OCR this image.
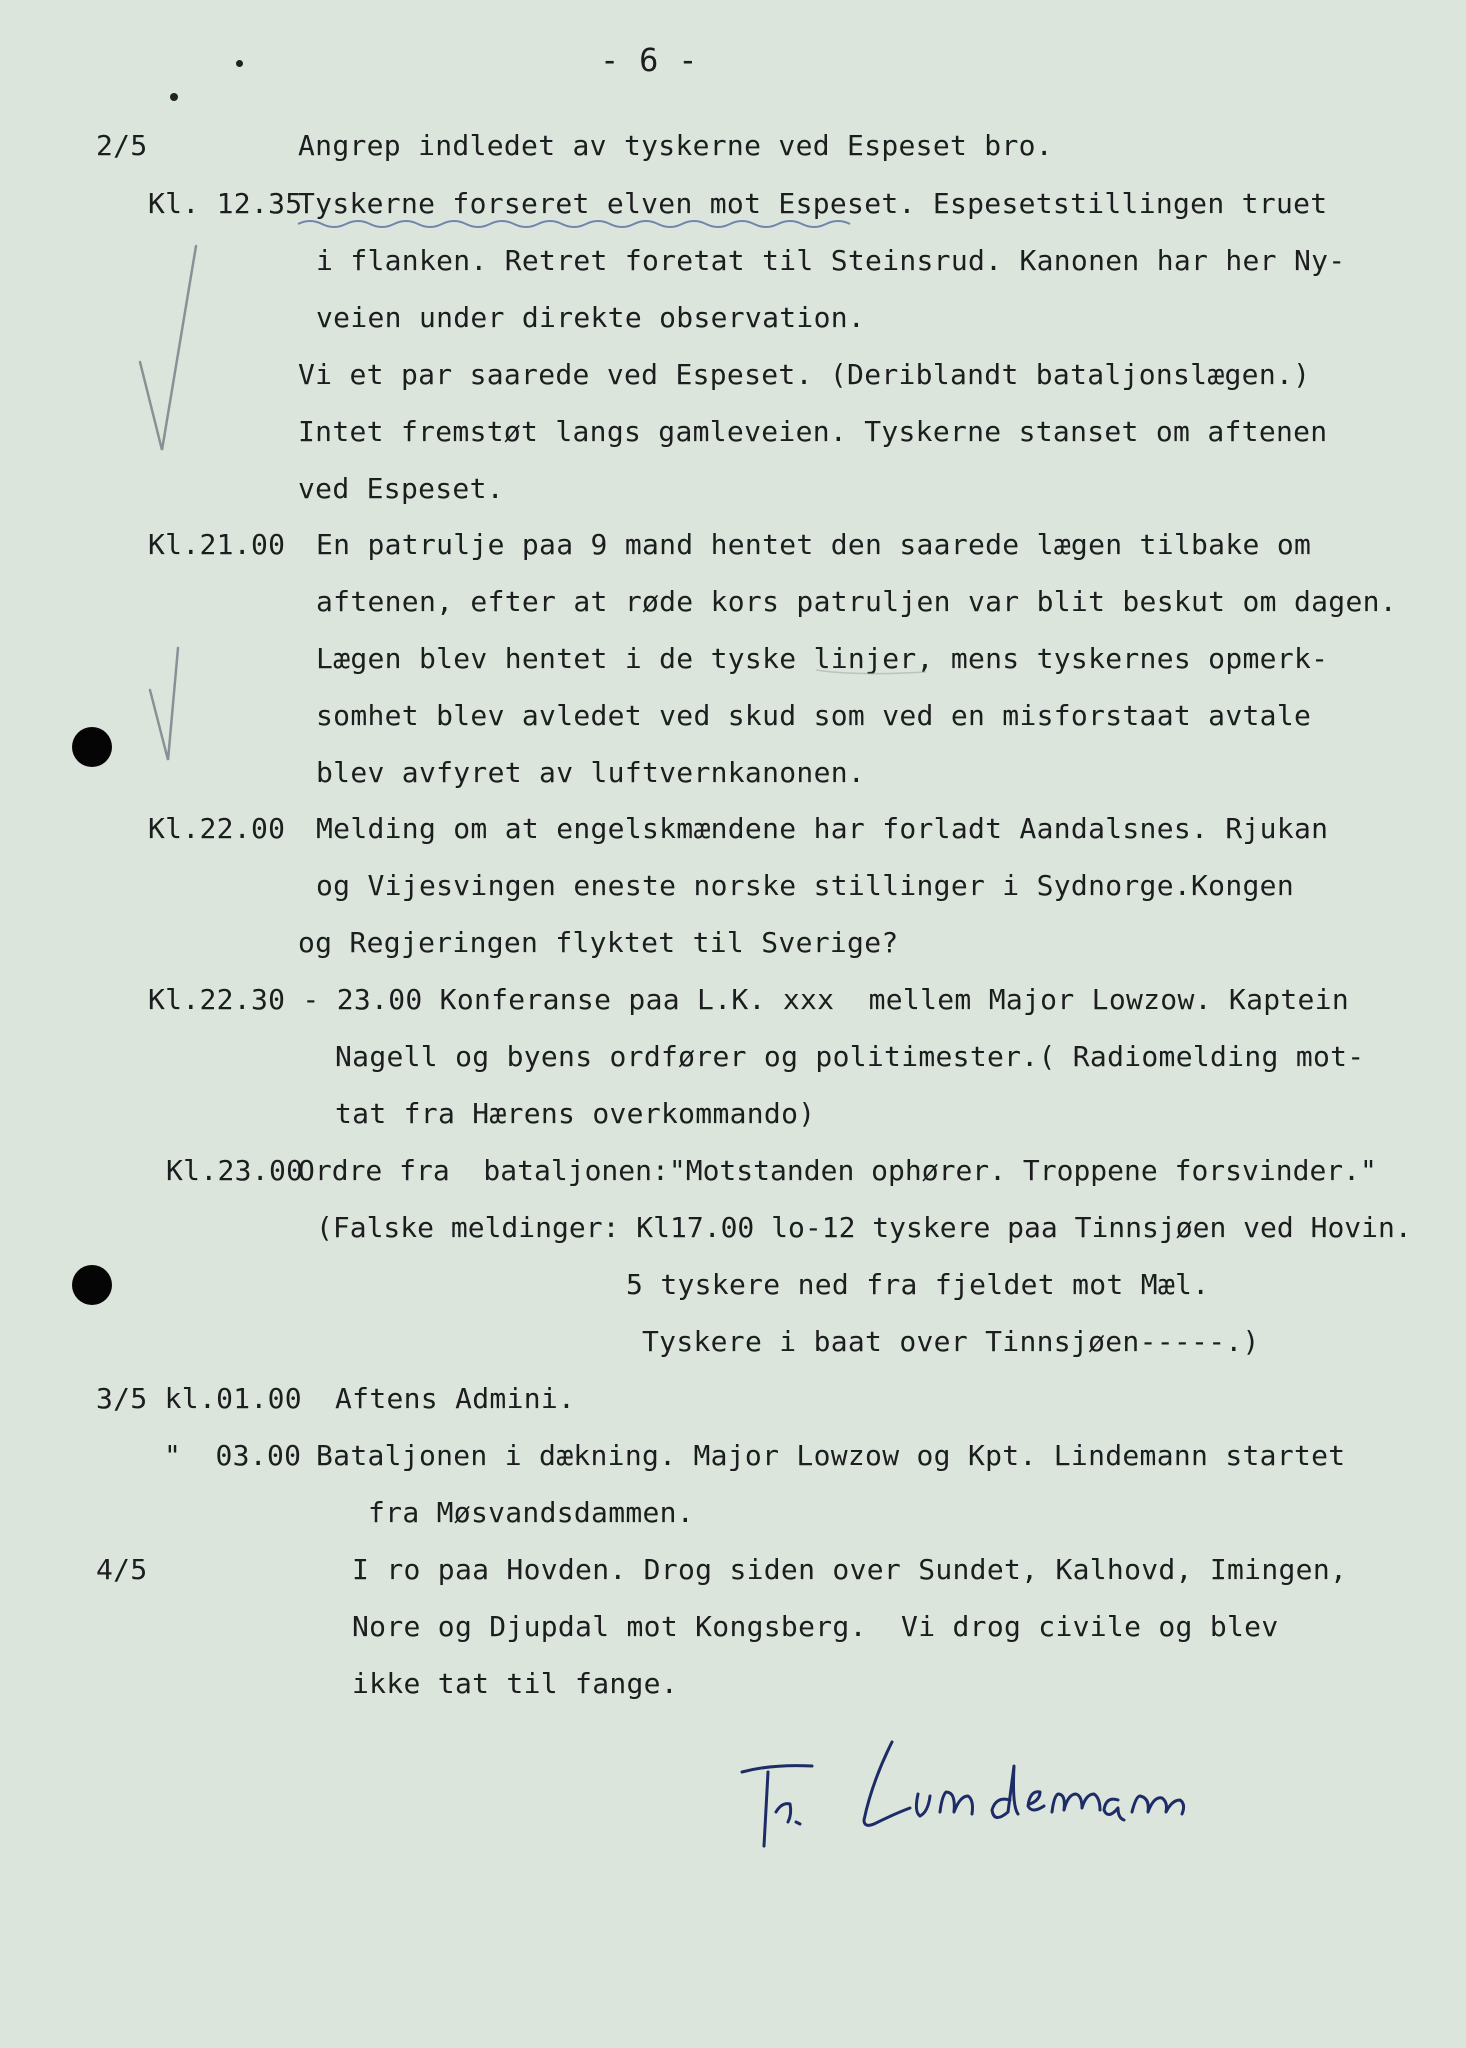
- 6 -
2/5	Angrep indledet av tyskerne ved Espeset bro.
Kl. 12.35
Tyskerne forseret elven mot Espeset. Espesetstillingen truet
i flanken. Retret foretat til Steinsrud. Kanonen har her Ny-
veien under direkte observation.
Vi et par saarede ved Espeset. (Deriblandt bataljonslægen.)
Intet fremstøt langs gamleveien. Tyskerne stanset om aftenen
ved Espeset.
Kl.21.00 En patrulje paa 9 mand hentet den saarede lægen tilbake om
aftenen, efter at røde kors patruljen var blit beskut om dagen.
Lægen blev hentet i de tyske linjer, mens tyskernes opmerk-
somhet blev avledet ved skud som ved en misforstaat avtale
blev avfyret av luftvernkanonen.
Kl.22.00 Melding om at engelskmændene har forladt Aandalsnes. Rjukan
og Vijesvingen eneste norske stillinger i Sydnorge.Kongen
og Regjeringen flyktet til Sverige?
Kl.22.30 - 23.00 Konferanse paa L.K. xxx  mellem Major Lowzow. Kaptein
Nagell og byens ordfører og politimester.( Radiomelding mot-
tat fra Hærens overkommando)
Kl.23.00
Ordre fra  bataljonen:"Motstanden ophører. Troppene forsvinder."
(Falske meldinger: Kl17.00 lo-12 tyskere paa Tinnsjøen ved Hovin.
5 tyskere ned fra fjeldet mot Mæl.
Tyskere i baat over Tinnsjøen-----.)
3/5 kl.01.00 Aftens Admini.
"  03.00 Bataljonen i dækning. Major Lowzow og Kpt. Lindemann startet
fra Møsvandsdammen.
4/5	I ro paa Hovden. Drog siden over Sundet, Kalhovd, Imingen,
Nore og Djupdal mot Kongsberg.  Vi drog civile og blev
ikke tat til fange.
